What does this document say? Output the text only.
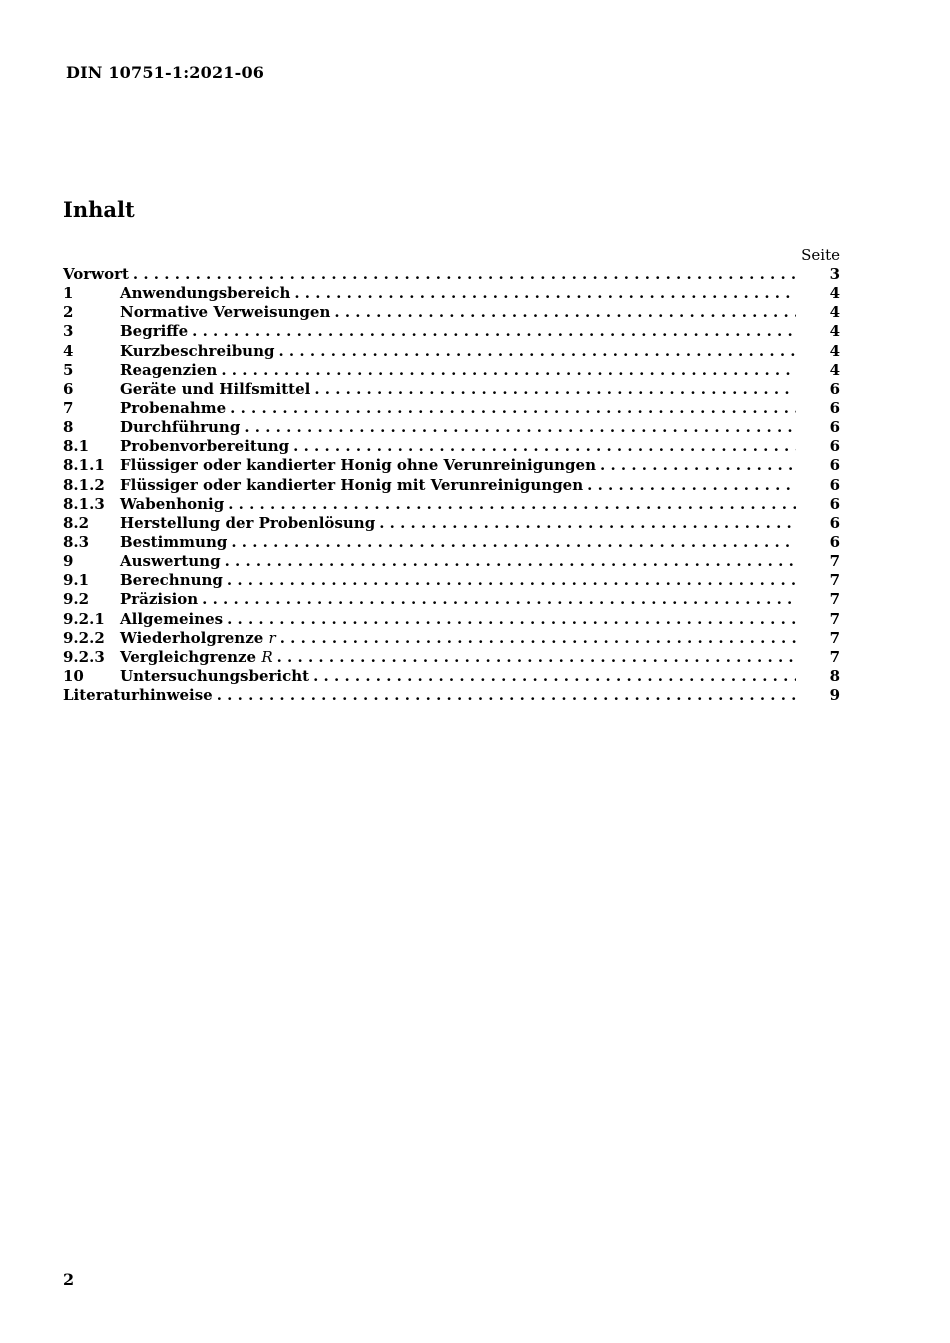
DIN 10751-1:2021-06
Inhalt
Seite
Vorwort . . .	3
1	Anwendungsbereich . . .	4
2	Normative Verweisungen . . .	4
3	Begriffe . . .	4
4	Kurzbeschreibung . . .	4
5	Reagenzien . . .	4
6	Geräte und Hilfsmittel . . .	6
7	Probenahme . . .	6
8	Durchführung . . .	6
8.1	Probenvorbereitung . . .	6
8.1.1	Flüssiger oder kandierter Honig ohne Verunreinigungen . . .	6
8.1.2	Flüssiger oder kandierter Honig mit Verunreinigungen . . .	6
8.1.3	Wabenhonig . . .	6
8.2	Herstellung der Probenlösung . . .	6
8.3	Bestimmung . . .	6
9	Auswertung . . .	7
9.1	Berechnung . . .	7
9.2	Präzision . . .	7
9.2.1	Allgemeines . . .	7
9.2.2	Wiederholgrenze r . . .	7
9.2.3	Vergleichgrenze R . . .	7
10	Untersuchungsbericht . . .	8
Literaturhinweise . . .	9
2
